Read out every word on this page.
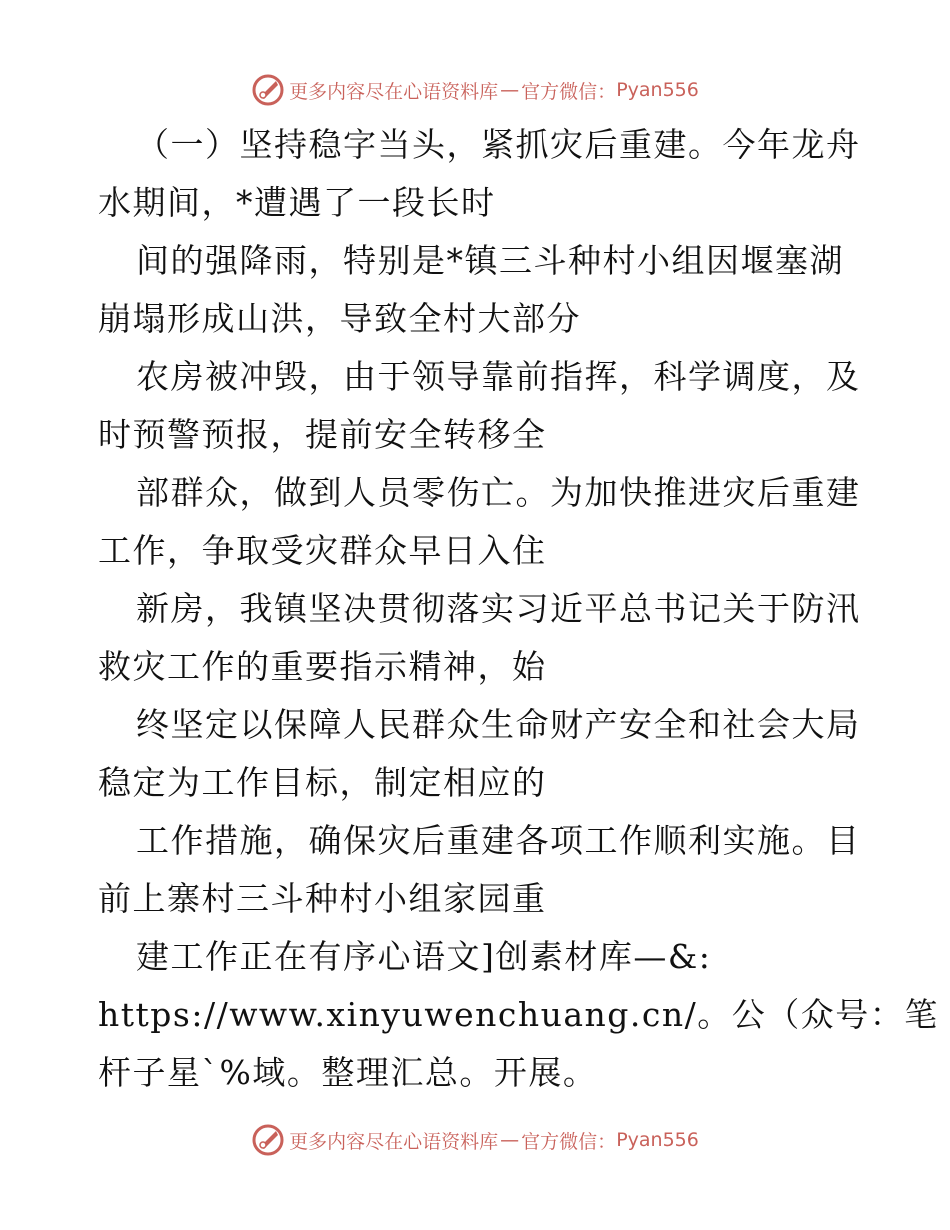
更多内容尽在心语资料库 — 官方微信： Pyan556
（一）坚持稳字当头，紧抓灾后重建。今年龙舟
水期间，*遭遇了一段长时
间的强降雨，特别是*镇三斗种村小组因堰塞湖
崩塌形成山洪，导致全村大部分
农房被冲毁，由于领导靠前指挥，科学调度，及
时预警预报，提前安全转移全
部群众，做到人员零伤亡。为加快推进灾后重建
工作，争取受灾群众早日入住
新房，我镇坚决贯彻落实习近平总书记关于防汛
救灾工作的重要指示精神，始
终坚定以保障人民群众生命财产安全和社会大局
稳定为工作目标，制定相应的
工作措施，确保灾后重建各项工作顺利实施。目
前上寨村三斗种村小组家园重
建工作正在有序心语文]创素材库—&:
https://www.xinyuwenchuang.cn/。公（众号：笔
杆子星`%域。整理汇总。开展。
更多内容尽在心语资料库 — 官方微信： Pyan556
